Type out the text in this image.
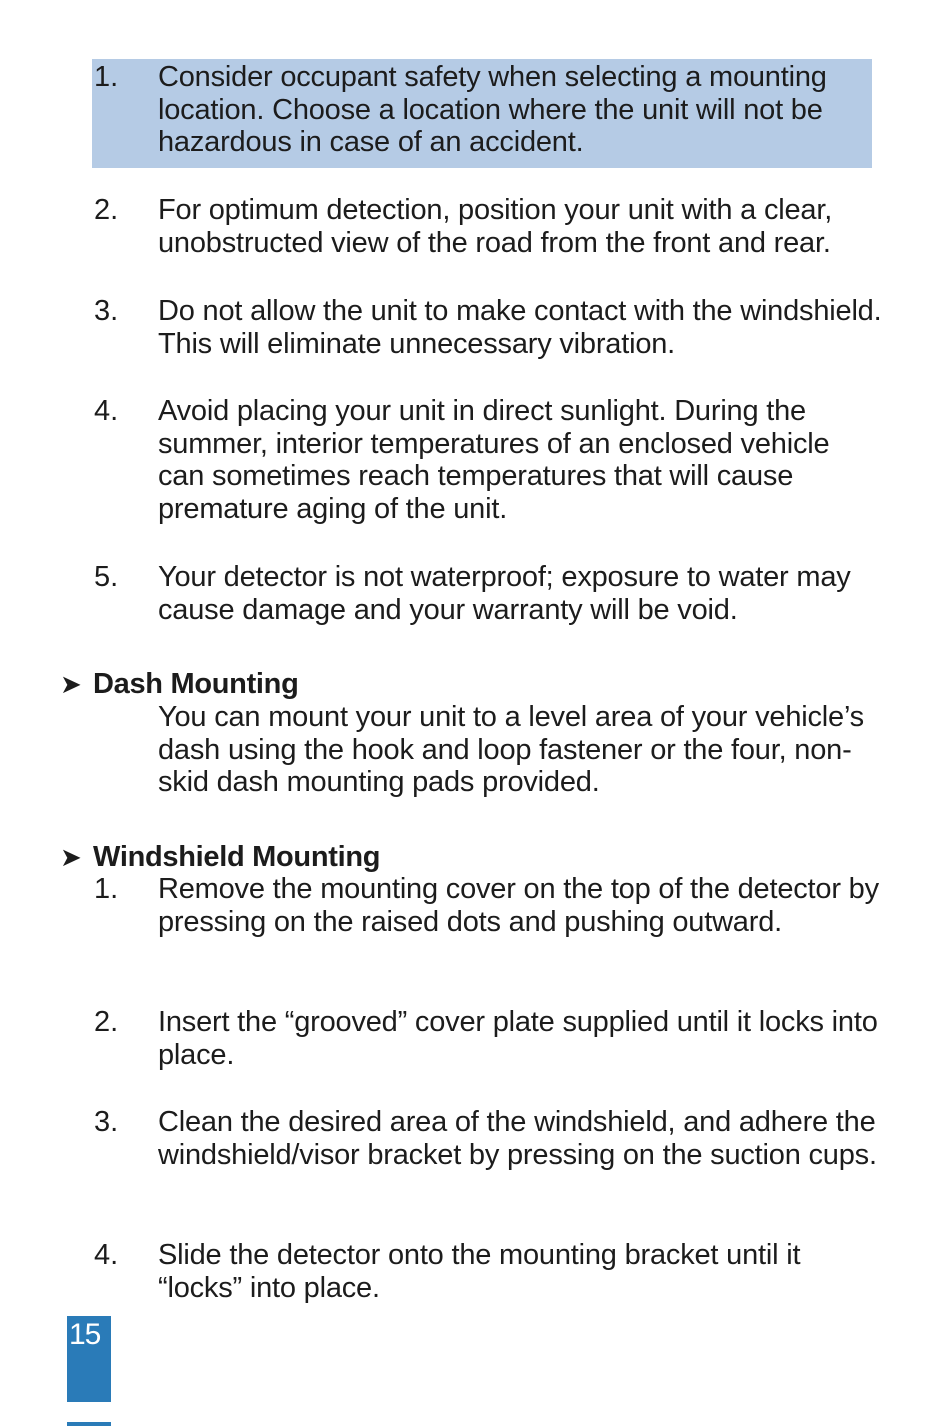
1. Consider occupant safety when selecting a mounting location. Choose a location where the unit will not be hazardous in case of an accident.
2. For optimum detection, position your unit with a clear, unobstructed view of the road from the front and rear.
3. Do not allow the unit to make contact with the windshield. This will eliminate unnecessary vibration.
4. Avoid placing your unit in direct sunlight. During the summer, interior temperatures of an enclosed vehicle can sometimes reach temperatures that will cause premature aging of the unit.
5. Your detector is not waterproof; exposure to water may cause damage and your warranty will be void.
➤ Dash Mounting
You can mount your unit to a level area of your vehicle’s dash using the hook and loop fastener or the four, non-skid dash mounting pads provided.
➤ Windshield Mounting
1. Remove the mounting cover on the top of the detector by pressing on the raised dots and pushing outward.
2. Insert the “grooved” cover plate supplied until it locks into place.
3. Clean the desired area of the windshield, and adhere the windshield/visor bracket by pressing on the suction cups.
4. Slide the detector onto the mounting bracket until it “locks” into place.
15
